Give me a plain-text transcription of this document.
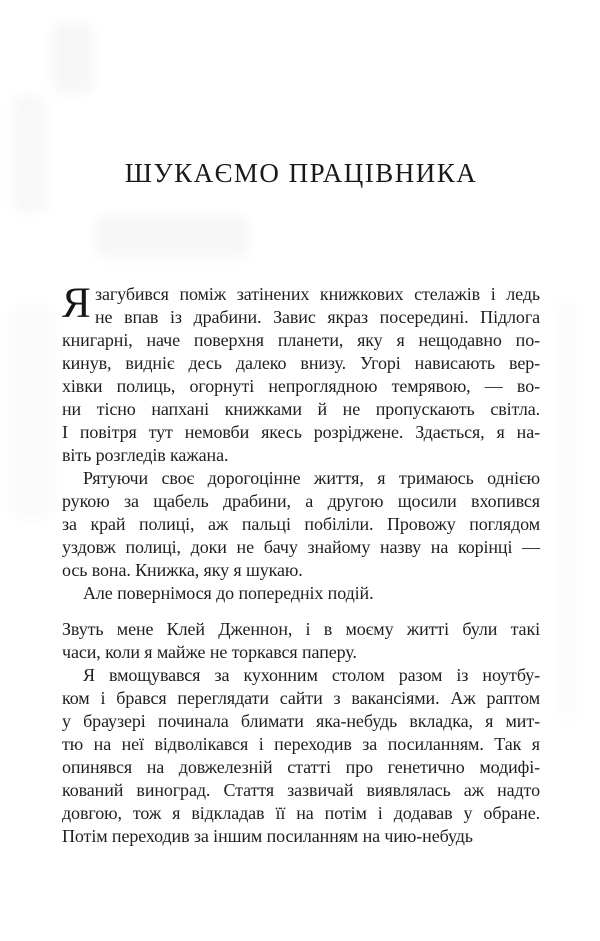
ШУКАЄМО ПРАЦІВНИКА
Я загубився поміж затінених книжкових стелажів і ледь
не впав із драбини. Завис якраз посередині. Підлога
книгарні, наче поверхня планети, яку я нещодавно по-
кинув, видніє десь далеко внизу. Угорі нависають вер-
хівки полиць, огорнуті непроглядною темрявою, — во-
ни тісно напхані книжками й не пропускають світла.
І повітря тут немовби якесь розріджене. Здається, я на-
віть розгледів кажана.
Рятуючи своє дорогоцінне життя, я тримаюсь однією
рукою за щабель драбини, а другою щосили вхопився
за край полиці, аж пальці побіліли. Провожу поглядом
уздовж полиці, доки не бачу знайому назву на корінці —
ось вона. Книжка, яку я шукаю.
Але повернімося до попередніх подій.
Звуть мене Клей Дженнон, і в моєму житті були такі
часи, коли я майже не торкався паперу.
Я вмощувався за кухонним столом разом із ноутбу-
ком і брався переглядати сайти з вакансіями. Аж раптом
у браузері починала блимати яка-небудь вкладка, я мит-
тю на неї відволікався і переходив за посиланням. Так я
опинявся на довжелезній статті про генетично модифі-
кований виноград. Стаття зазвичай виявлялась аж надто
довгою, тож я відкладав її на потім і додавав у обране.
Потім переходив за іншим посиланням на чию-небудь
